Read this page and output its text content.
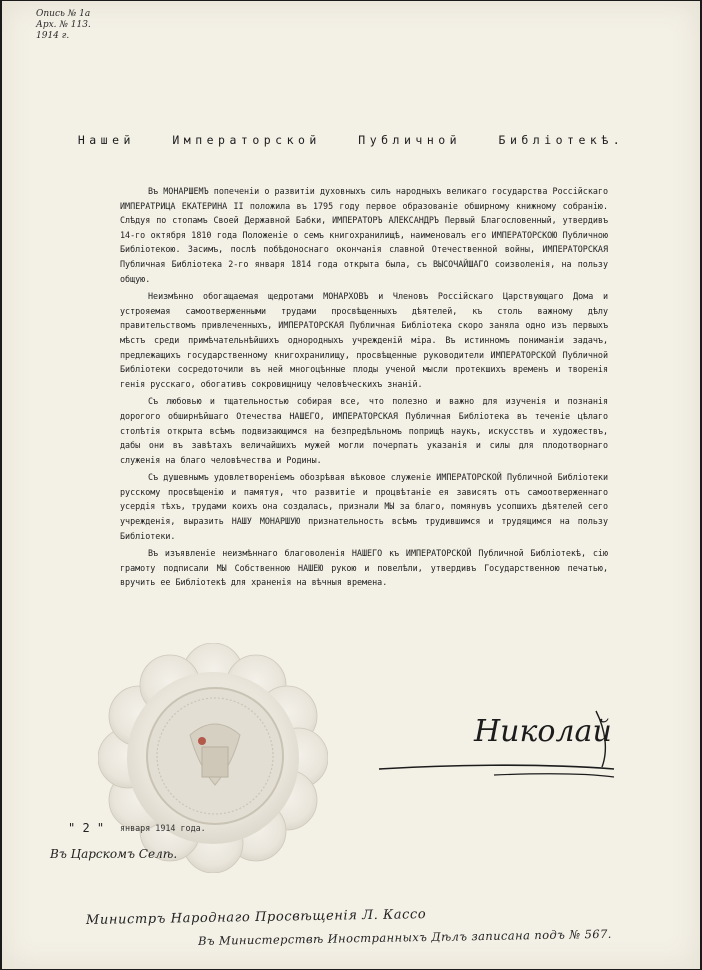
Опись № 1а
Арх. № 113.
1914 г.
Нашей Императорской Публичной Библiотекѣ.

Въ МОНАРШЕМЪ попеченiи о развитiи духовныхъ силъ народныхъ великаго государства Россiйскаго ИМПЕРАТРИЦА ЕКАТЕРИНА II положила въ 1795 году первое образованiе обширному книжному собранiю. Слѣдуя по стопамъ Своей Державной Бабки, ИМПЕРАТОРЪ АЛЕКСАНДРЪ Первый Благословенный, утвердивъ 14-го октября 1810 года Положенiе о семъ книгохранилищѣ, наименовалъ его ИМПЕРАТОРСКОЮ Публичною Библiотекою. Засимъ, послѣ побѣдоноснаго окончанiя славной Отечественной войны, ИМПЕРАТОРСКАЯ Публичная Библiотека 2-го января 1814 года открыта была, съ ВЫСОЧАЙШАГО соизволенiя, на пользу общую.

Неизмѣнно обогащаемая щедротами МОНАРХОВЪ и Членовъ Россiйскаго Царствующаго Дома и устрояемая самоотверженными трудами просвѣщенныхъ дѣятелей, къ столь важному дѣлу правительствомъ привлеченныхъ, ИМПЕРАТОРСКАЯ Публичная Библiотека скоро заняла одно изъ первыхъ мѣстъ среди примѣчательнѣйшихъ однородныхъ учрежденiй мiра. Въ истинномъ пониманiи задачъ, предлежащихъ государственному книгохранилищу, просвѣщенные руководители ИМПЕРАТОРСКОЙ Публичной Библiотеки сосредоточили въ ней многоцѣнные плоды ученой мысли протекшихъ временъ и творенiя генiя русскаго, обогативъ сокровищницу человѣческихъ знанiй.

Съ любовью и тщательностью собирая все, что полезно и важно для изученiя и познанiя дорогого обширнѣйшаго Отечества НАШЕГО, ИМПЕРАТОРСКАЯ Публичная Библiотека въ теченiе цѣлаго столѣтiя открыта всѣмъ подвизающимся на безпредѣльномъ поприщѣ наукъ, искусствъ и художествъ, дабы они въ завѣтахъ величайшихъ мужей могли почерпать указанiя и силы для плодотворнаго служенiя на благо человѣчества и Родины.

Съ душевнымъ удовлетворенiемъ обозрѣвая вѣковое служенiе ИМПЕРАТОРСКОЙ Публичной Библiотеки русскому просвѣщенiю и памятуя, что развитiе и процвѣтанiе ея зависятъ отъ самоотверженнаго усердiя тѣхъ, трудами коихъ она создалась, признали МЫ за благо, помянувъ усопшихъ дѣятелей сего учрежденiя, выразить НАШУ МОНАРШУЮ признательность всѣмъ трудившимся и трудящимся на пользу Библiотеки.

Въ изъявленiе неизмѣннаго благоволенiя НАШЕГО къ ИМПЕРАТОРСКОЙ Публичной Библiотекѣ, сiю грамоту подписали МЫ Собственною НАШЕЮ рукою и повелѣли, утвердивъ Государственною печатью, вручить ее Библiотекѣ для храненiя на вѣчныя времена.

Николай
" 2 " января 1914 года.
Въ Царскомъ Селѣ.
Министръ Народнаго Просвѣщенiя Л. Кассо
Въ Министерствѣ Иностранныхъ Дѣлъ записана подъ № 567.
